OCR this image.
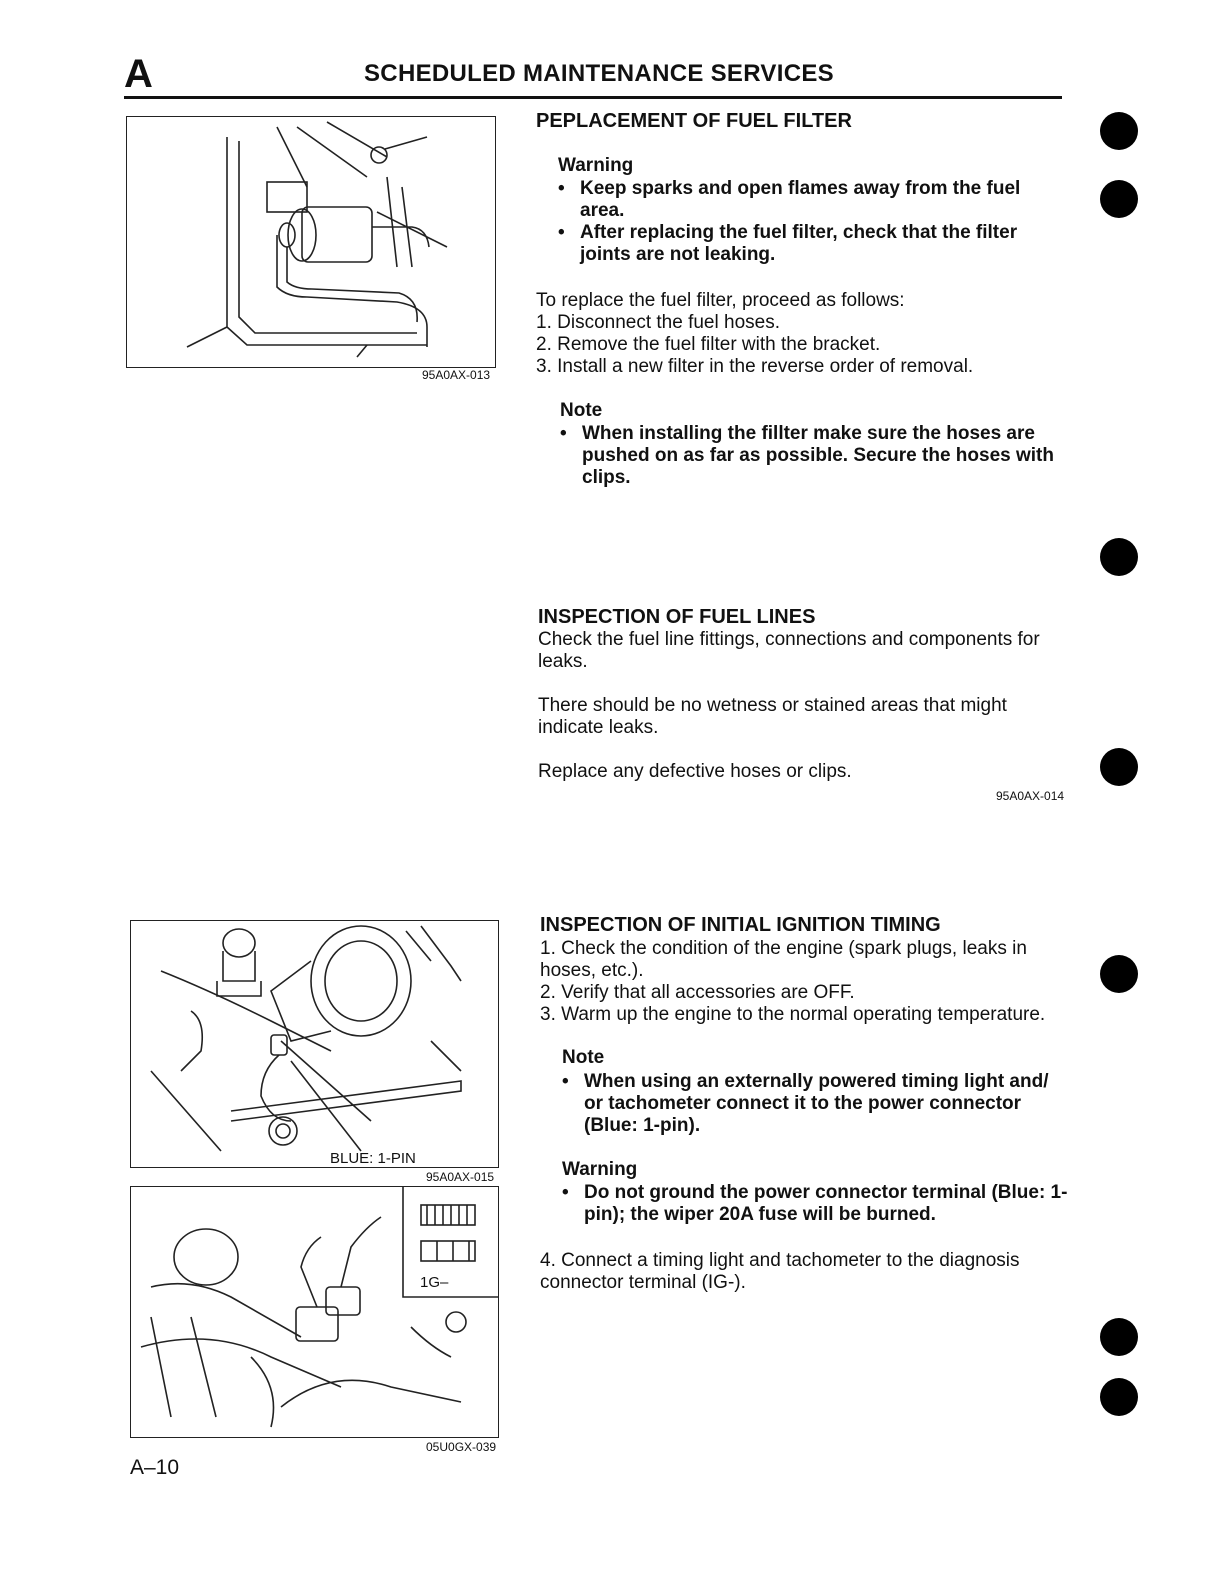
A	SCHEDULED MAINTENANCE SERVICES
95A0AX-013
PEPLACEMENT OF FUEL FILTER
Warning
• Keep sparks and open flames away from the fuel area.
• After replacing the fuel filter, check that the filter joints are not leaking.
To replace the fuel filter, proceed as follows:
1. Disconnect the fuel hoses.
2. Remove the fuel filter with the bracket.
3. Install a new filter in the reverse order of removal.
Note
• When installing the fillter make sure the hoses are pushed on as far as possible. Secure the hoses with clips.
INSPECTION OF FUEL LINES
Check the fuel line fittings, connections and components for leaks.
There should be no wetness or stained areas that might indicate leaks.
Replace any defective hoses or clips.
95A0AX-014
BLUE: 1-PIN
95A0AX-015
1G–
05U0GX-039
INSPECTION OF INITIAL IGNITION TIMING
1. Check the condition of the engine (spark plugs, leaks in hoses, etc.).
2. Verify that all accessories are OFF.
3. Warm up the engine to the normal operating temperature.
Note
• When using an externally powered timing light and/ or tachometer connect it to the power connector (Blue: 1-pin).
Warning
• Do not ground the power connector terminal (Blue: 1-pin); the wiper 20A fuse will be burned.
4. Connect a timing light and tachometer to the diagnosis connector terminal (IG-).
A–10
